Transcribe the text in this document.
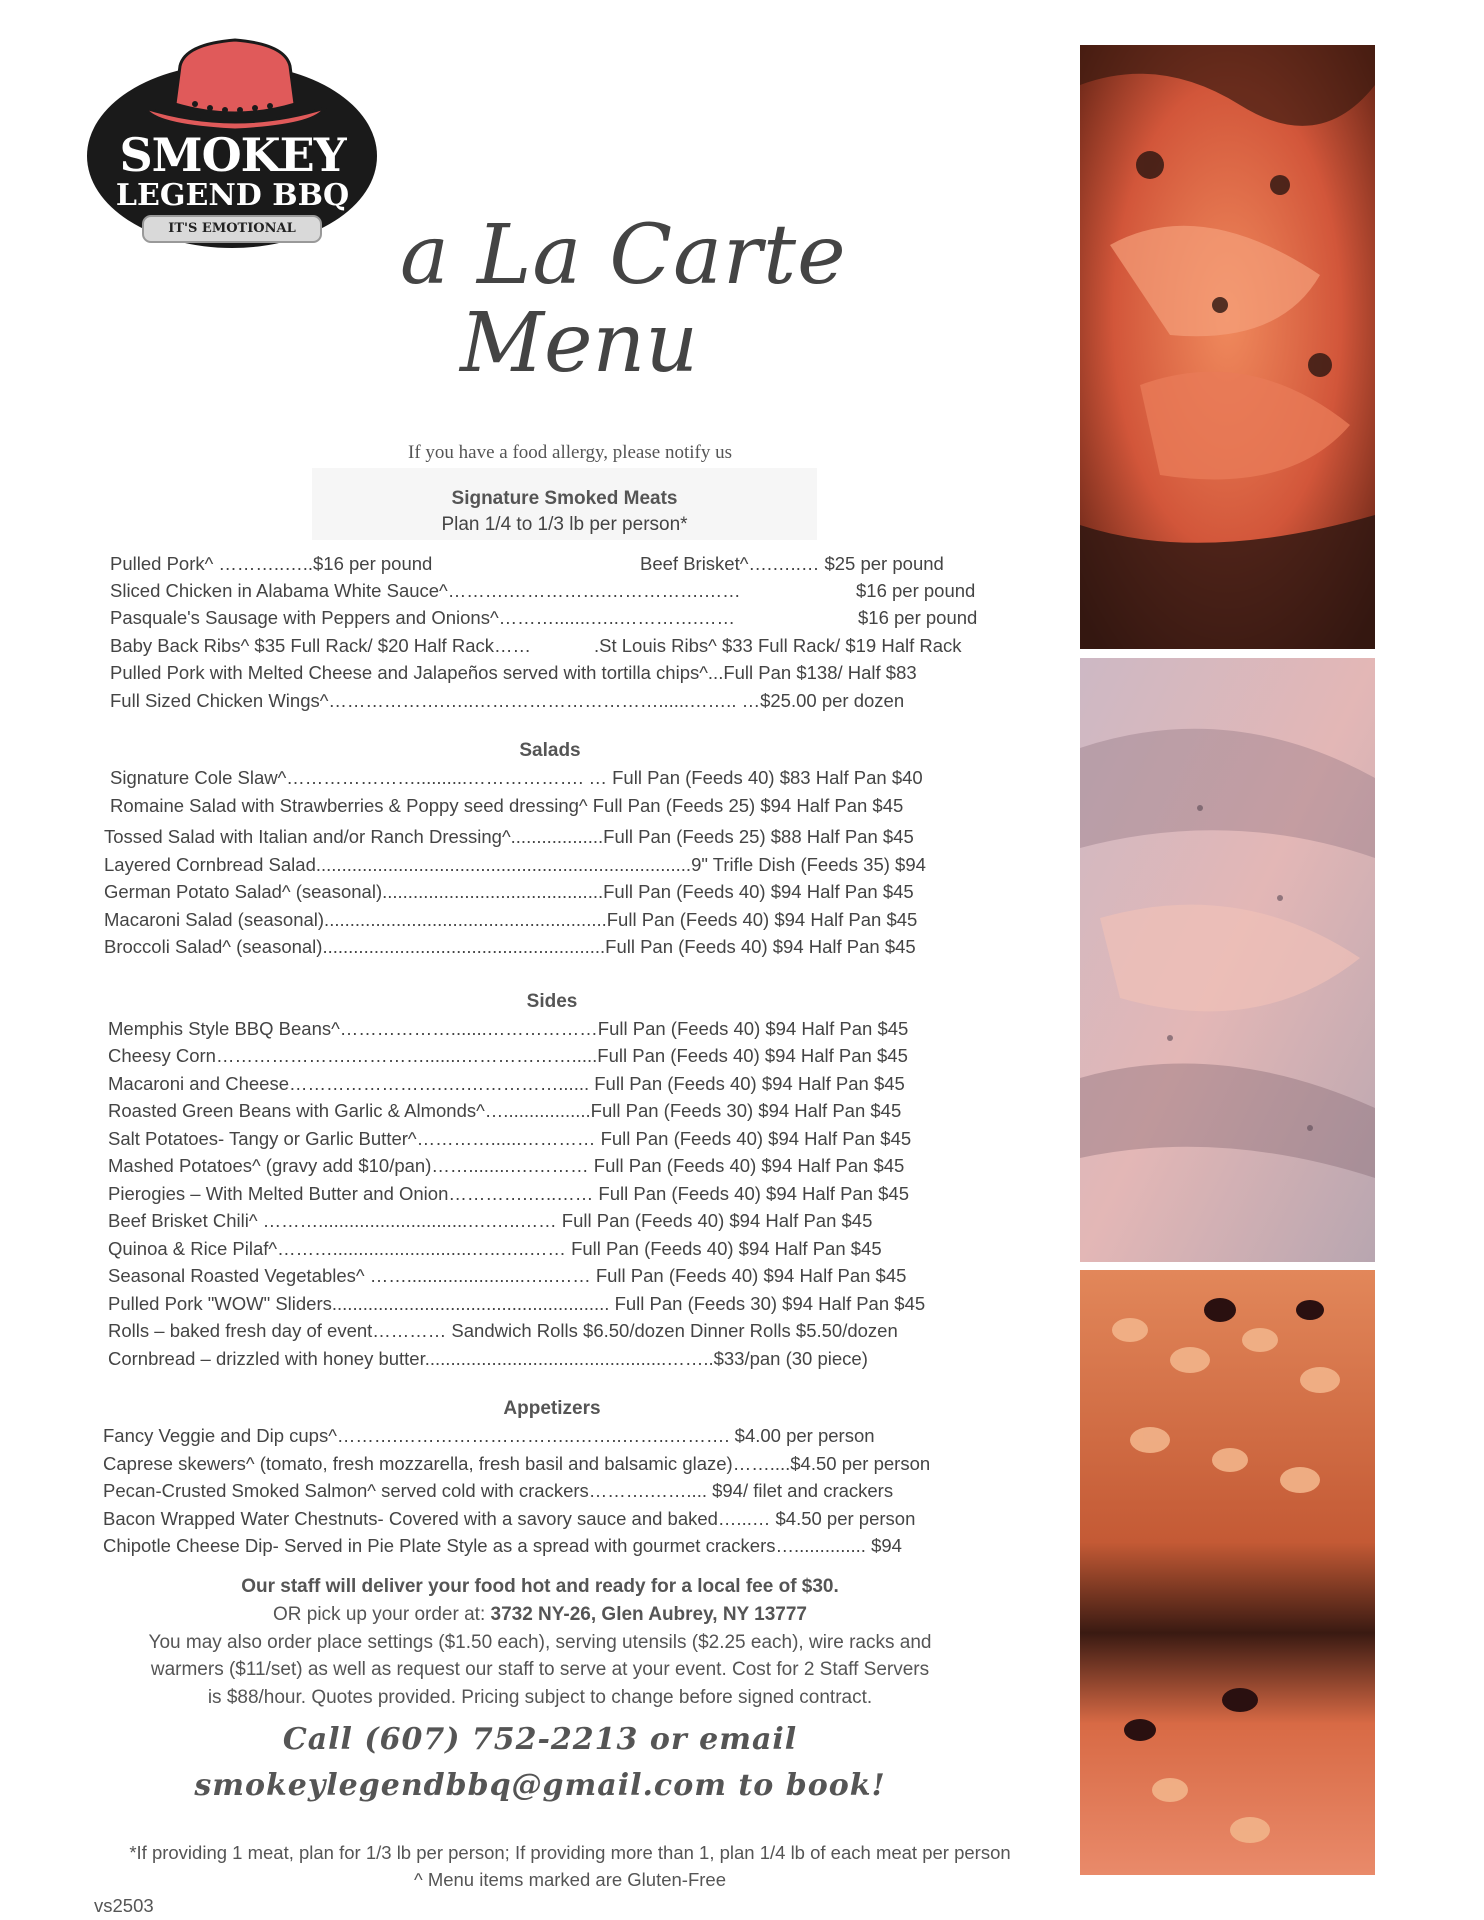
SMOKEY
LEGEND BBQ
IT'S EMOTIONAL	a La Carte
Menu
If you have a food allergy, please notify us
Signature Smoked Meats
Plan 1/4 to 1/3 lb per person*
Pulled Pork^ ………..…..$16 per pound	Beef Brisket^….…..… $25 per pound
Sliced Chicken in Alabama White Sauce^……….…………….…………….……	$16 per pound
Pasquale's Sausage with Peppers and Onions^……….......…..………….……	$16 per pound
Baby Back Ribs^ $35 Full Rack/ $20 Half Rack……	.St Louis Ribs^ $33 Full Rack/ $19 Half Rack
Pulled Pork with Melted Cheese and Jalapeños served with tortilla chips^...Full Pan $138/ Half $83
Full Sized Chicken Wings^……………….…..…………………………......…….. …$25.00 per dozen
Salads
Signature Cole Slaw^…………………..........………………. … Full Pan (Feeds 40) $83 Half Pan $40
Romaine Salad with Strawberries & Poppy seed dressing^ Full Pan (Feeds 25) $94 Half Pan $45
Tossed Salad with Italian and/or Ranch Dressing^..................Full Pan (Feeds 25) $88 Half Pan $45
Layered Cornbread Salad.........................................................................9" Trifle Dish (Feeds 35) $94
German Potato Salad^ (seasonal)...........................................Full Pan (Feeds 40) $94 Half Pan $45
Macaroni Salad (seasonal).......................................................Full Pan (Feeds 40) $94 Half Pan $45
Broccoli Salad^ (seasonal).......................................................Full Pan (Feeds 40) $94 Half Pan $45
Sides
Memphis Style BBQ Beans^……………….......………………Full Pan (Feeds 40) $94 Half Pan $45
Cheesy Corn………………….………….......……………….....Full Pan (Feeds 40) $94 Half Pan $45
Macaroni and Cheese…………………….….……………...... Full Pan (Feeds 40) $94 Half Pan $45
Roasted Green Beans with Garlic & Almonds^….................Full Pan (Feeds 30) $94 Half Pan $45
Salt Potatoes- Tangy or Garlic Butter^…………......………… Full Pan (Feeds 40) $94 Half Pan $45
Mashed Potatoes^ (gravy add $10/pan)……........….……… Full Pan (Feeds 40) $94 Half Pan $45
Pierogies – With Melted Butter and Onion………….…..…… Full Pan (Feeds 40) $94 Half Pan $45
Beef Brisket Chili^ ……….............................….…..…… Full Pan (Feeds 40) $94 Half Pan $45
Quinoa & Rice Pilaf^………...........................…..…..…… Full Pan (Feeds 40) $94 Half Pan $45
Seasonal Roasted Vegetables^ …….......................…..…… Full Pan (Feeds 40) $94 Half Pan $45
Pulled Pork "WOW" Sliders...................................................... Full Pan (Feeds 30) $94 Half Pan $45
Rolls – baked fresh day of event………… Sandwich Rolls $6.50/dozen Dinner Rolls $5.50/dozen
Cornbread – drizzled with honey butter...............................................……..$33/pan (30 piece)
Appetizers
Fancy Veggie and Dip cups^……….………………………..……..……..………. $4.00 per person
Caprese skewers^ (tomato, fresh mozzarella, fresh basil and balsamic glaze)……....$4.50 per person
Pecan-Crusted Smoked Salmon^ served cold with crackers……….…….... $94/ filet and crackers
Bacon Wrapped Water Chestnuts- Covered with a savory sauce and baked…...… $4.50 per person
Chipotle Cheese Dip- Served in Pie Plate Style as a spread with gourmet crackers….............. $94
Our staff will deliver your food hot and ready for a local fee of $30.
OR pick up your order at: 3732 NY-26, Glen Aubrey, NY 13777
You may also order place settings ($1.50 each), serving utensils ($2.25 each), wire racks and
warmers ($11/set) as well as request our staff to serve at your event. Cost for 2 Staff Servers
is $88/hour. Quotes provided. Pricing subject to change before signed contract.
Call (607) 752-2213 or email
smokeylegendbbq@gmail.com to book!
*If providing 1 meat, plan for 1/3 lb per person; If providing more than 1, plan 1/4 lb of each meat per person
^ Menu items marked are Gluten-Free
vs2503
